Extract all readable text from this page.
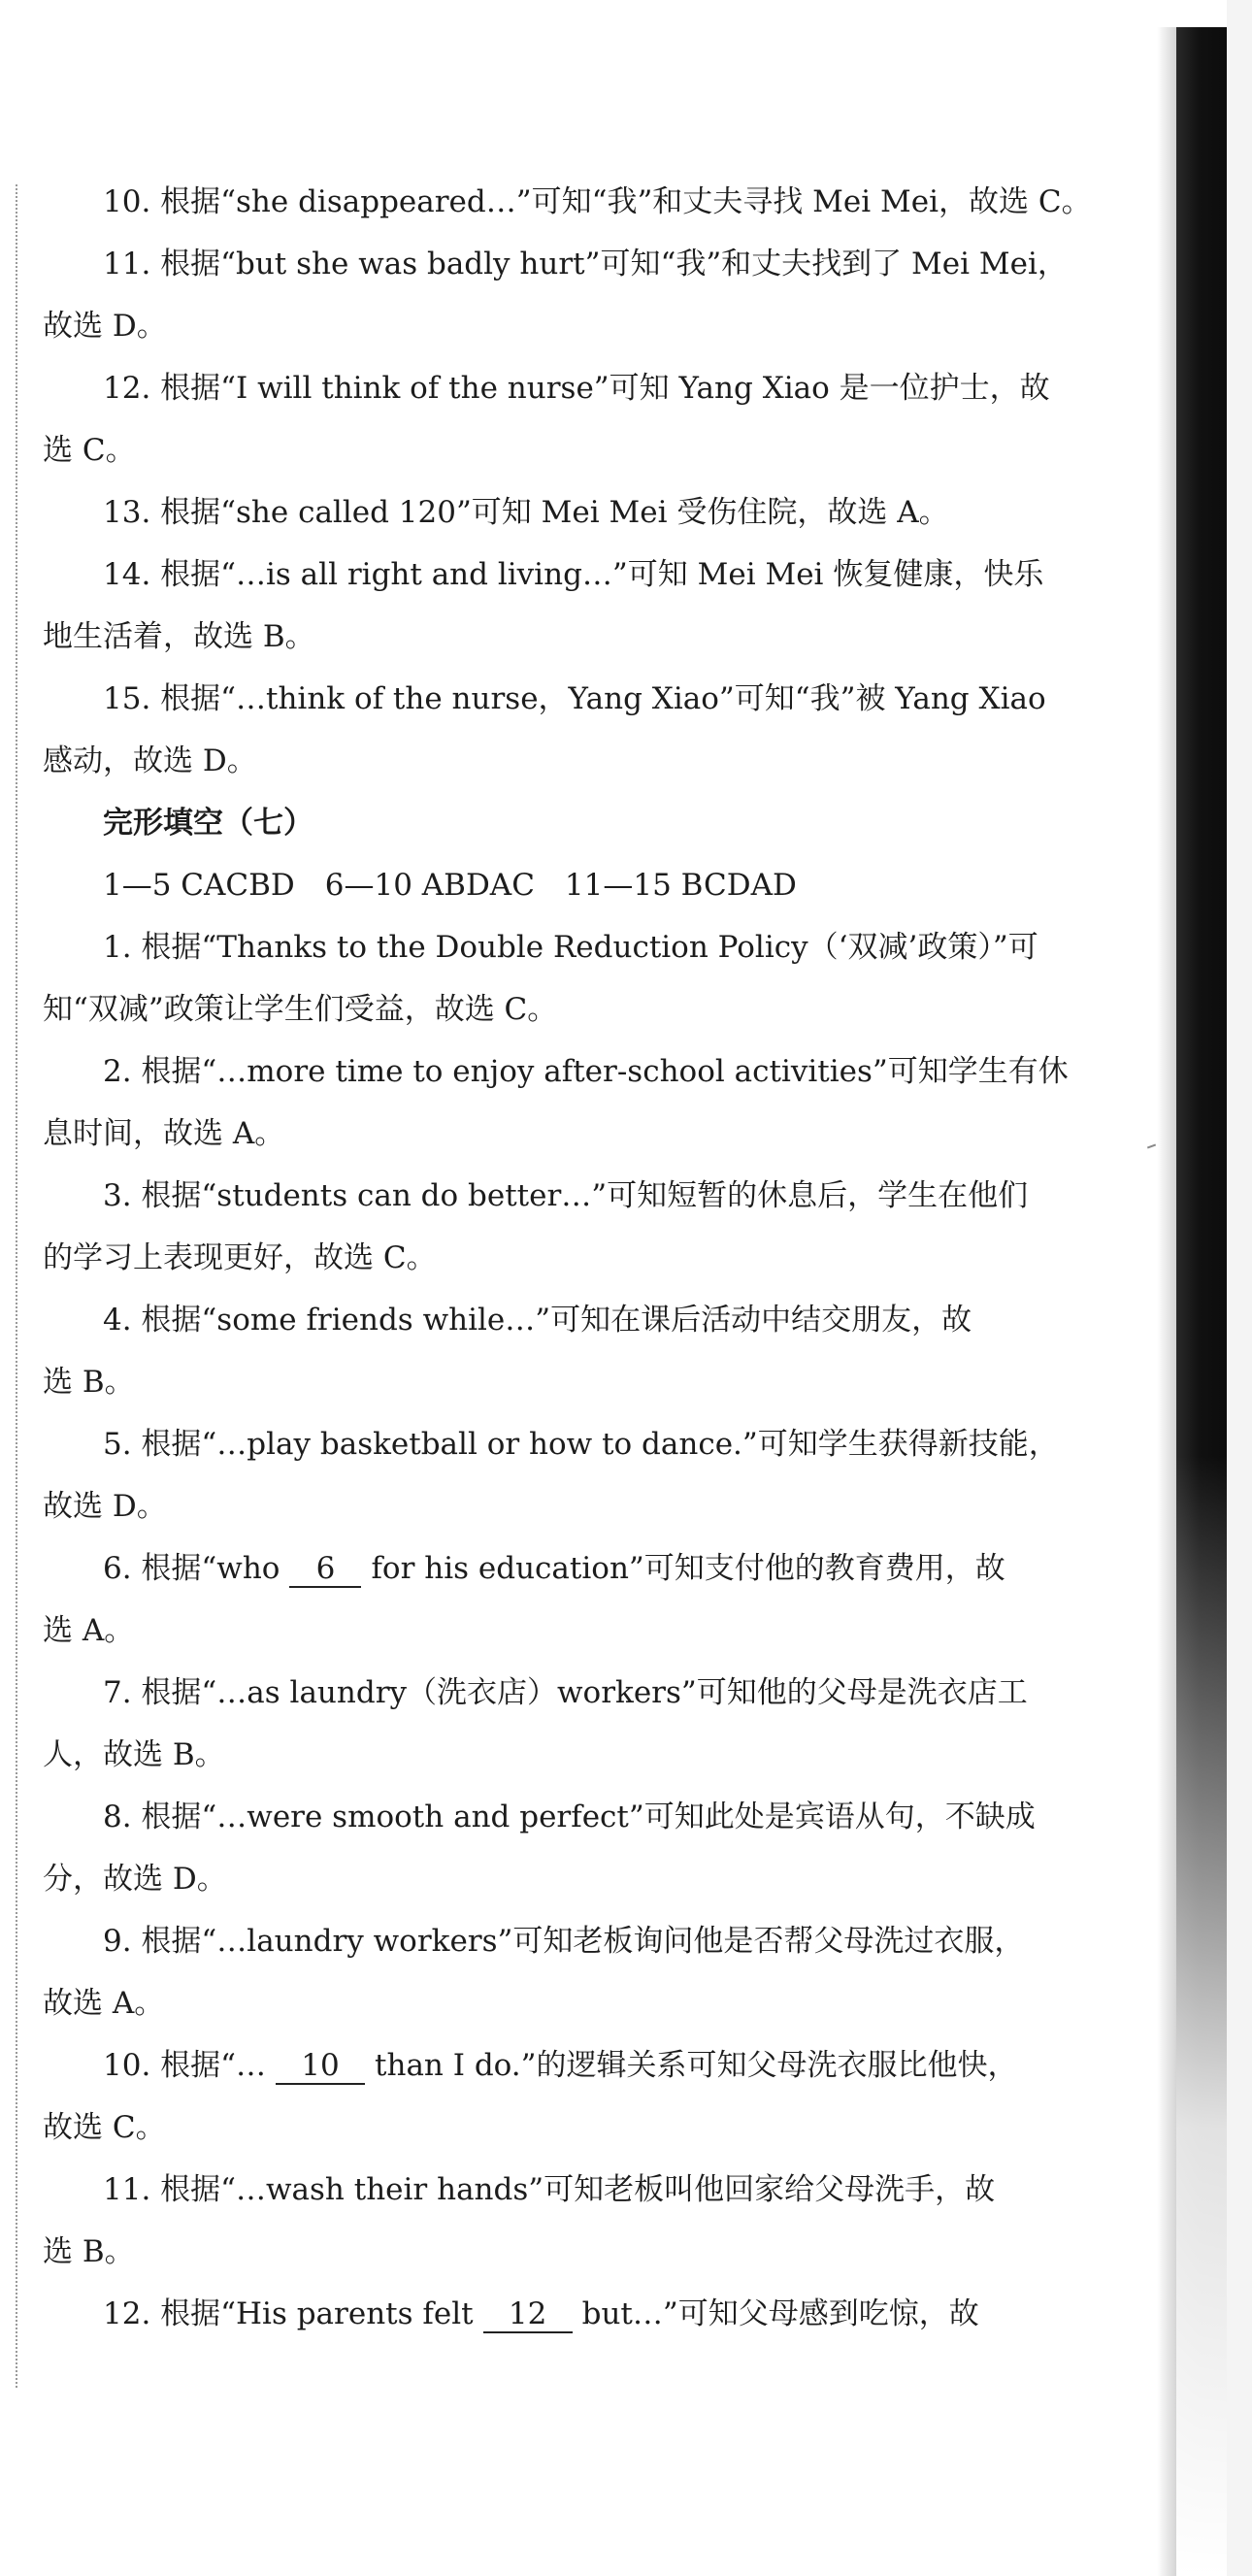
10. 根据“she disappeared…”可知“我”和丈夫寻找 Mei Mei，故选 C。
11. 根据“but she was badly hurt”可知“我”和丈夫找到了 Mei Mei，
故选 D。
12. 根据“I will think of the nurse”可知 Yang Xiao 是一位护士，故
选 C。
13. 根据“she called 120”可知 Mei Mei 受伤住院，故选 A。
14. 根据“…is all right and living…”可知 Mei Mei 恢复健康，快乐
地生活着，故选 B。
15. 根据“…think of the nurse，Yang Xiao”可知“我”被 Yang Xiao
感动，故选 D。
完形填空（七）
1—5 CACBD　6—10 ABDAC　11—15 BCDAD
1. 根据“Thanks to the Double Reduction Policy（‘双减’政策）”可
知“双减”政策让学生们受益，故选 C。
2. 根据“…more time to enjoy after-school activities”可知学生有休
息时间，故选 A。
3. 根据“students can do better…”可知短暂的休息后，学生在他们
的学习上表现更好，故选 C。
4. 根据“some friends while…”可知在课后活动中结交朋友，故
选 B。
5. 根据“…play basketball or how to dance.”可知学生获得新技能，
故选 D。
6. 根据“who 6 for his education”可知支付他的教育费用，故
选 A。
7. 根据“…as laundry（洗衣店）workers”可知他的父母是洗衣店工
人，故选 B。
8. 根据“…were smooth and perfect”可知此处是宾语从句，不缺成
分，故选 D。
9. 根据“…laundry workers”可知老板询问他是否帮父母洗过衣服，
故选 A。
10. 根据“… 10 than I do.”的逻辑关系可知父母洗衣服比他快，
故选 C。
11. 根据“…wash their hands”可知老板叫他回家给父母洗手，故
选 B。
12. 根据“His parents felt 12 but…”可知父母感到吃惊，故
